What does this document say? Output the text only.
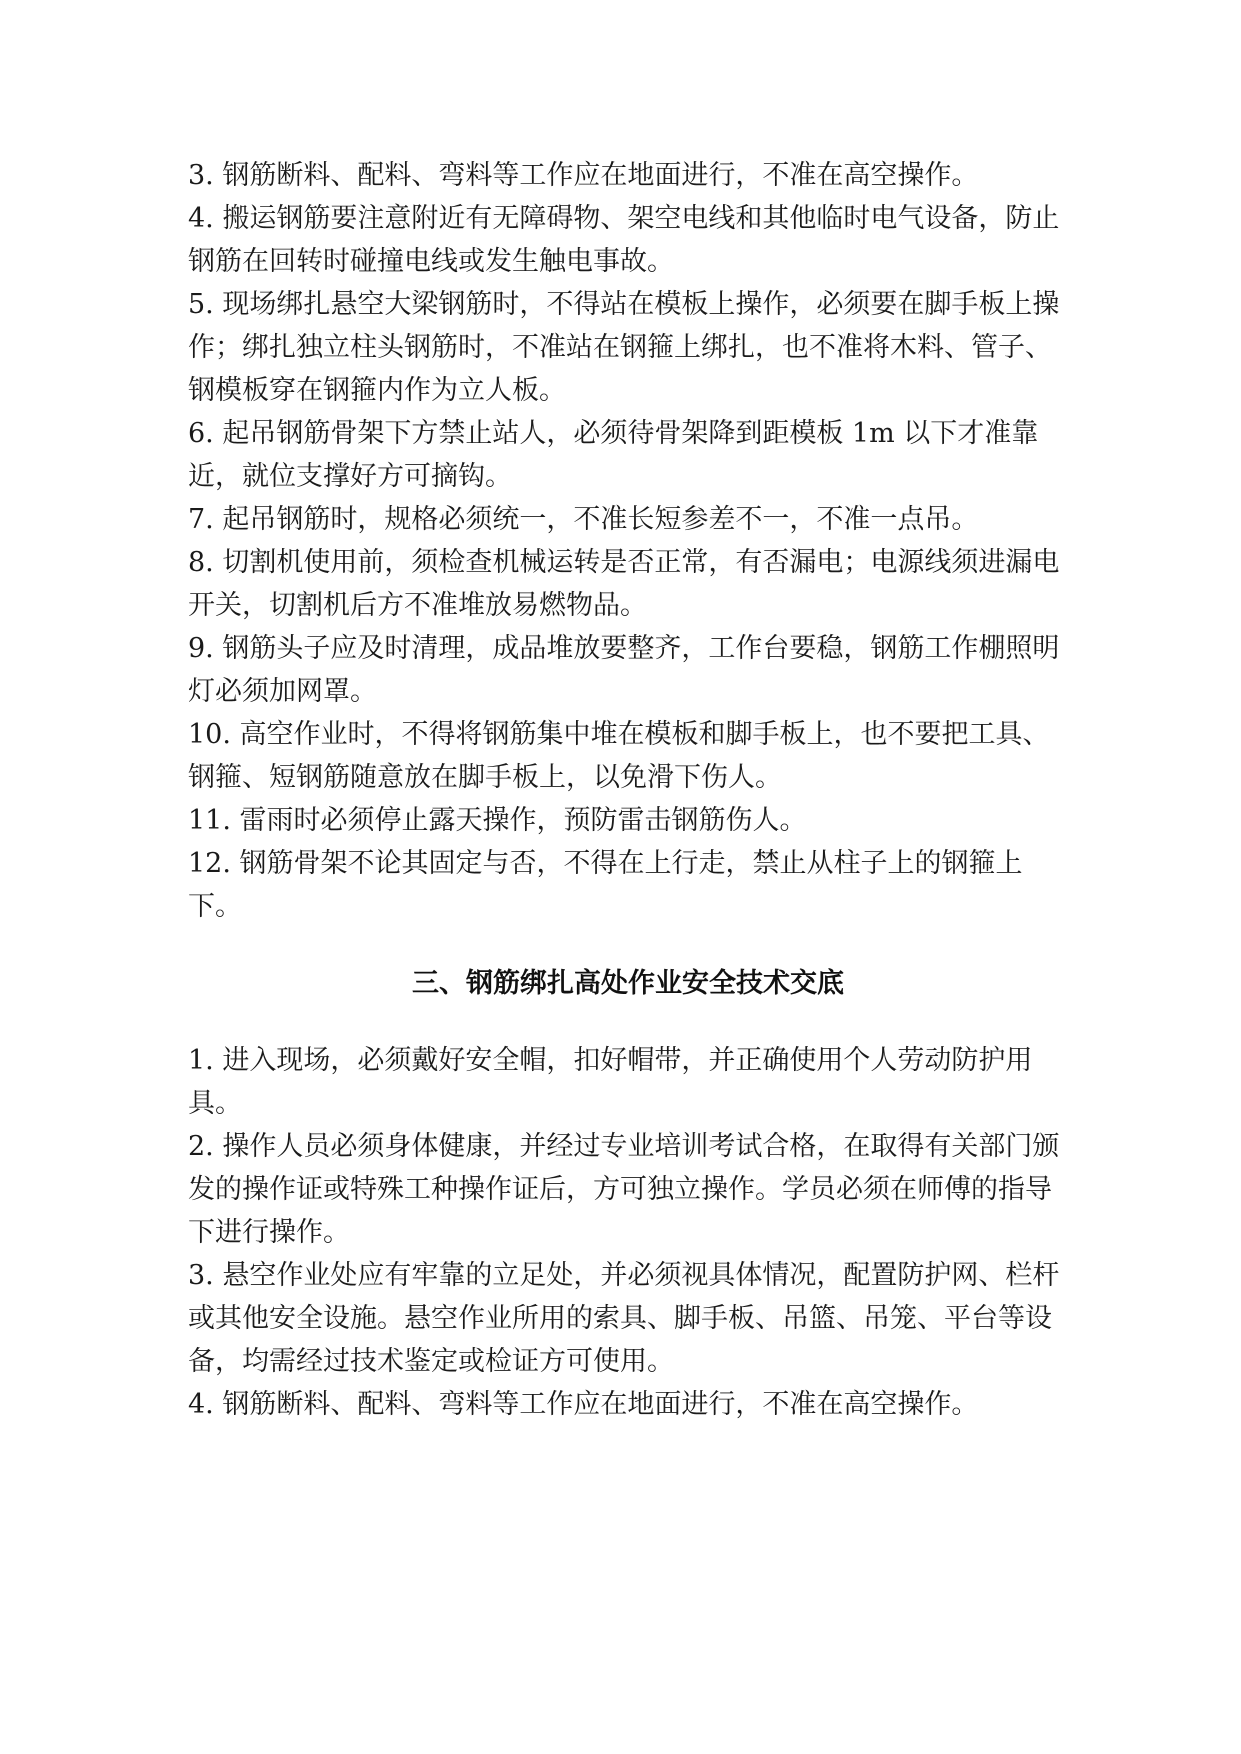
3. 钢筋断料、配料、弯料等工作应在地面进行，不准在高空操作。

4. 搬运钢筋要注意附近有无障碍物、架空电线和其他临时电气设备，防止钢筋在回转时碰撞电线或发生触电事故。

5. 现场绑扎悬空大梁钢筋时，不得站在模板上操作，必须要在脚手板上操作；绑扎独立柱头钢筋时，不准站在钢箍上绑扎，也不准将木料、管子、钢模板穿在钢箍内作为立人板。

6. 起吊钢筋骨架下方禁止站人，必须待骨架降到距模板 1m 以下才准靠近，就位支撑好方可摘钩。

7. 起吊钢筋时，规格必须统一，不准长短参差不一，不准一点吊。

8. 切割机使用前，须检查机械运转是否正常，有否漏电；电源线须进漏电开关，切割机后方不准堆放易燃物品。

9. 钢筋头子应及时清理，成品堆放要整齐，工作台要稳，钢筋工作棚照明灯必须加网罩。

10. 高空作业时，不得将钢筋集中堆在模板和脚手板上，也不要把工具、钢箍、短钢筋随意放在脚手板上，以免滑下伤人。

11. 雷雨时必须停止露天操作，预防雷击钢筋伤人。

12. 钢筋骨架不论其固定与否，不得在上行走，禁止从柱子上的钢箍上下。

三、钢筋绑扎高处作业安全技术交底

1. 进入现场，必须戴好安全帽，扣好帽带，并正确使用个人劳动防护用具。

2. 操作人员必须身体健康，并经过专业培训考试合格，在取得有关部门颁发的操作证或特殊工种操作证后，方可独立操作。学员必须在师傅的指导下进行操作。

3. 悬空作业处应有牢靠的立足处，并必须视具体情况，配置防护网、栏杆或其他安全设施。悬空作业所用的索具、脚手板、吊篮、吊笼、平台等设备，均需经过技术鉴定或检证方可使用。

4. 钢筋断料、配料、弯料等工作应在地面进行，不准在高空操作。
